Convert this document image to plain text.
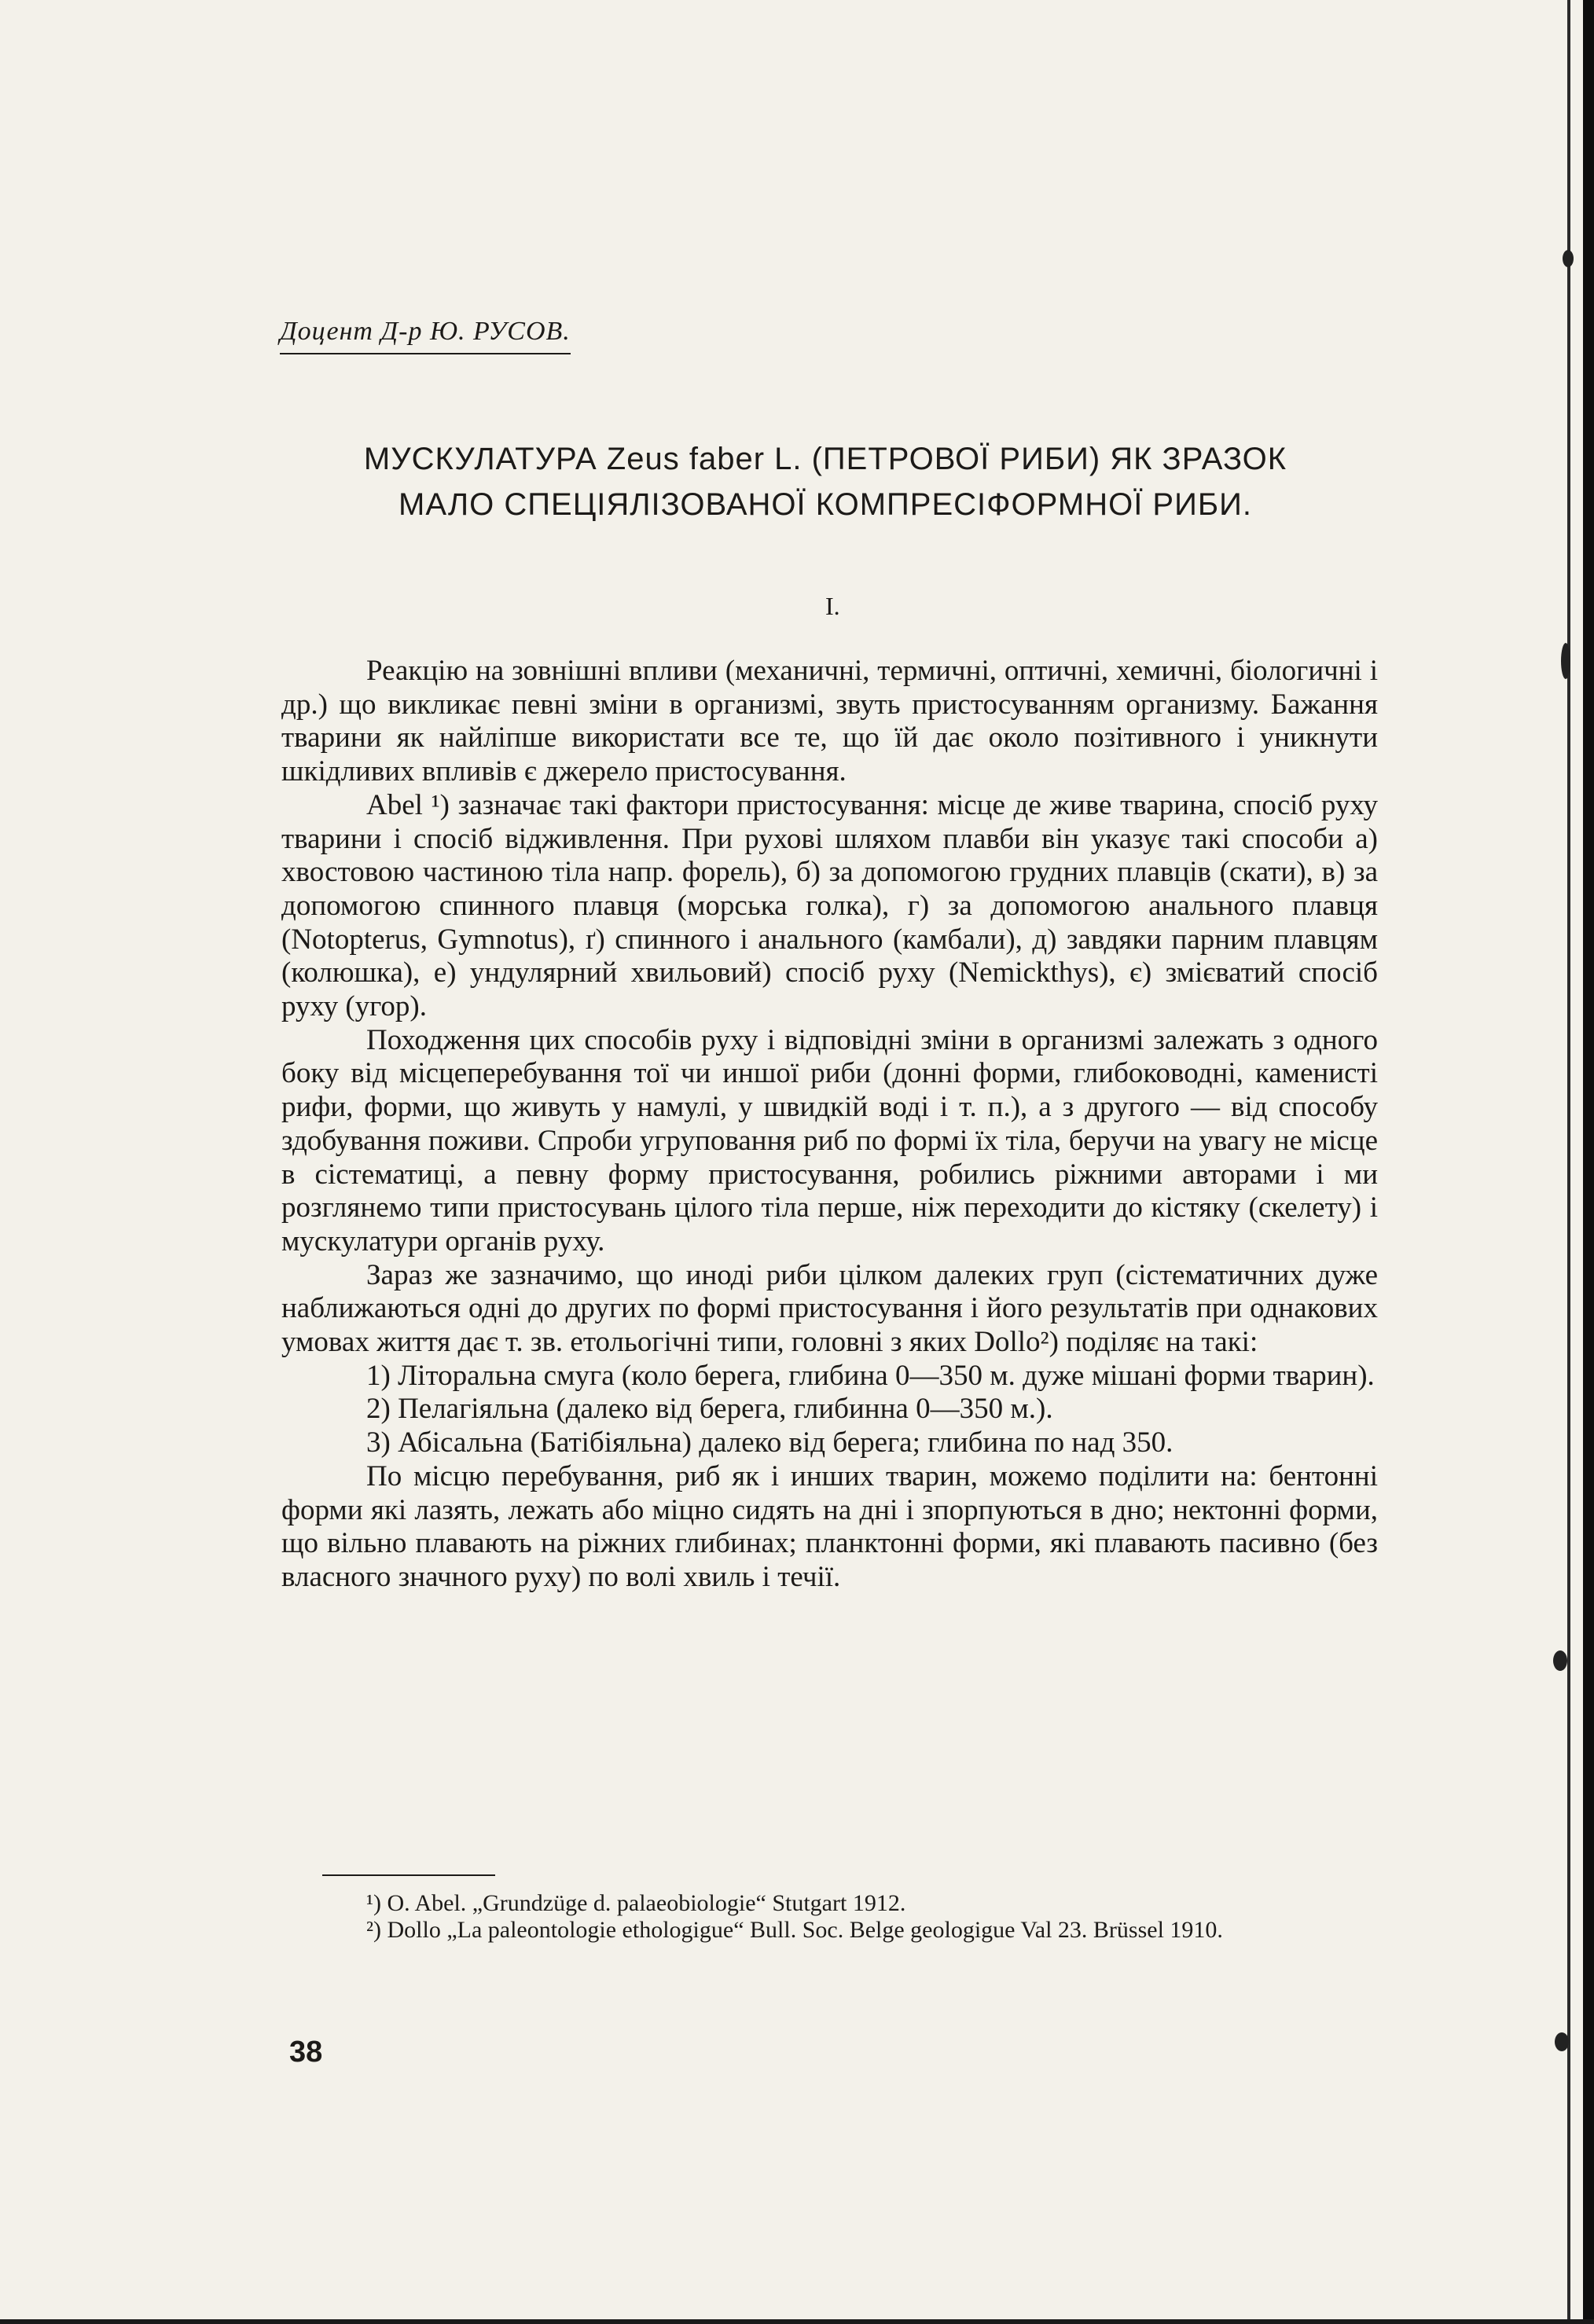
Доцент Д-р Ю. РУСОВ.
МУСКУЛАТУРА Zeus faber L. (ПЕТРОВОЇ РИБИ) ЯК ЗРАЗОК
МАЛО СПЕЦІЯЛІЗОВАНОЇ КОМПРЕСІФОРМНОЇ РИБИ.
I.

Реакцію на зовнішні впливи (механичні, термичні, оптичні, хемичні, біологичні і др.) що викликає певні зміни в организмі, звуть пристосуванням организму. Бажання тварини як найліпше використати все те, що їй дає около позітивного і уникнути шкідливих впливів є джерело пристосування.

Abel ¹) зазначає такі фактори пристосування: місце де живе тварина, спосіб руху тварини і спосіб відживлення. При рухові шляхом плавби він указує такі способи а) хвостовою частиною тіла напр. форель), б) за допомогою грудних плавців (скати), в) за допомогою спинного плавця (морська голка), г) за допомогою анального плавця (Notopterus, Gymnotus), ґ) спинного і анального (камбали), д) завдяки парним плавцям (колюшка), е) ундулярний хвильовий) спосіб руху (Nemickthys), є) змієватий спосіб руху (угор).

Походження цих способів руху і відповідні зміни в организмі залежать з одного боку від місцеперебування тої чи иншої риби (донні форми, глибоководні, каменисті рифи, форми, що живуть у намулі, у швидкій воді і т. п.), а з другого — від способу здобування поживи. Спроби угруповання риб по формі їх тіла, беручи на увагу не місце в сістематиці, а певну форму пристосування, робились ріжними авторами і ми розглянемо типи пристосувань цілого тіла перше, ніж переходити до кістяку (скелету) і мускулатури органів руху.

Зараз же зазначимо, що иноді риби цілком далеких груп (сістематичних дуже наближаються одні до других по формі пристосування і його результатів при однакових умовах життя дає т. зв. етольогічні типи, головні з яких Dollo²) поділяє на такі:

1) Літоральна смуга (коло берега, глибина 0—350 м. дуже мішані форми тварин).

2) Пелагіяльна (далеко від берега, глибинна 0—350 м.).

3) Абісальна (Батібіяльна) далеко від берега; глибина по над 350.

По місцю перебування, риб як і инших тварин, можемо поділити на: бентонні форми які лазять, лежать або міцно сидять на дні і зпорпуються в дно; нектонні форми, що вільно плавають на ріжних глибинах; планктонні форми, які плавають пасивно (без власного значного руху) по волі хвиль і течії.

¹) O. Abel. „Grundzüge d. palaeobiologie“ Stutgart 1912.

²) Dollo „La paleontologie ethologigue“ Bull. Soc. Belge geologigue Val 23. Brüssel 1910.

38
